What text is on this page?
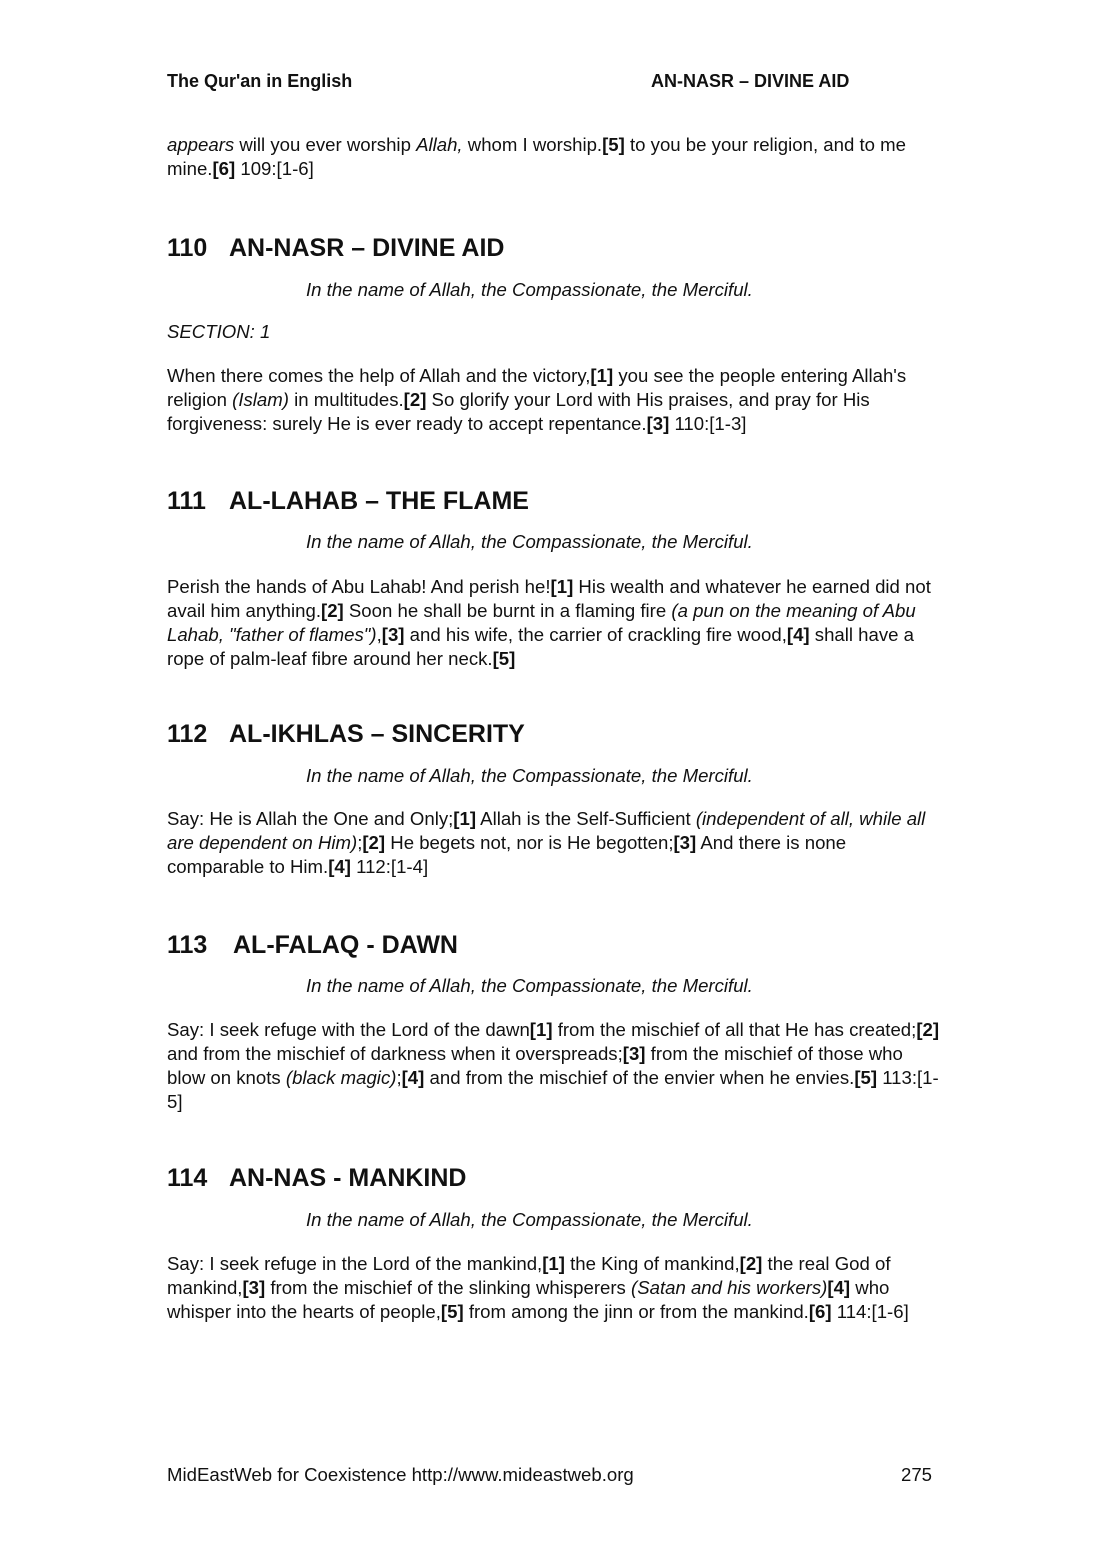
The Qur'an in English	AN-NASR – DIVINE AID

appears will you ever worship Allah, whom I worship.[5] to you be your religion, and to me mine.[6] 109:[1-6]

110 AN-NASR – DIVINE AID

In the name of Allah, the Compassionate, the Merciful.

SECTION: 1

When there comes the help of Allah and the victory,[1] you see the people entering Allah's religion (Islam) in multitudes.[2] So glorify your Lord with His praises, and pray for His forgiveness: surely He is ever ready to accept repentance.[3] 110:[1-3]

111 AL-LAHAB – THE FLAME

In the name of Allah, the Compassionate, the Merciful.

Perish the hands of Abu Lahab! And perish he![1] His wealth and whatever he earned did not avail him anything.[2] Soon he shall be burnt in a flaming fire (a pun on the meaning of Abu Lahab, "father of flames"),[3] and his wife, the carrier of crackling fire wood,[4] shall have a rope of palm-leaf fibre around her neck.[5]

112 AL-IKHLAS – SINCERITY

In the name of Allah, the Compassionate, the Merciful.

Say: He is Allah the One and Only;[1] Allah is the Self-Sufficient (independent of all, while all are dependent on Him);[2] He begets not, nor is He begotten;[3] And there is none comparable to Him.[4] 112:[1-4]

113 AL-FALAQ - DAWN

In the name of Allah, the Compassionate, the Merciful.

Say: I seek refuge with the Lord of the dawn[1] from the mischief of all that He has created;[2] and from the mischief of darkness when it overspreads;[3] from the mischief of those who blow on knots (black magic);[4] and from the mischief of the envier when he envies.[5] 113:[1-5]

114 AN-NAS - MANKIND

In the name of Allah, the Compassionate, the Merciful.

Say: I seek refuge in the Lord of the mankind,[1] the King of mankind,[2] the real God of mankind,[3] from the mischief of the slinking whisperers (Satan and his workers)[4] who whisper into the hearts of people,[5] from among the jinn or from the mankind.[6] 114:[1-6]

MidEastWeb for Coexistence http://www.mideastweb.org	275
